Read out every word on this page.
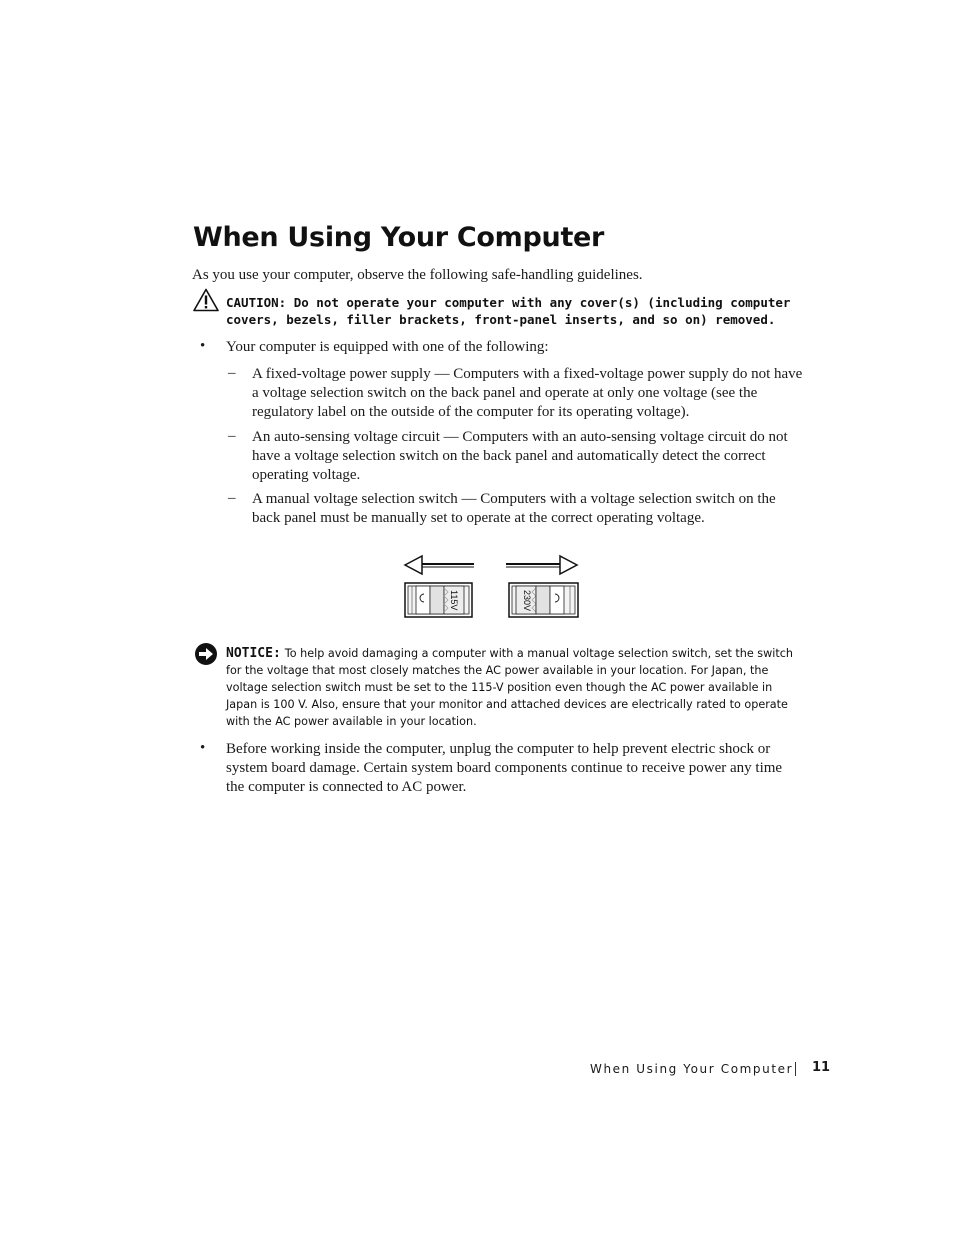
When Using Your Computer
As you use your computer, observe the following safe-handling guidelines.
CAUTION: Do not operate your computer with any cover(s) (including computer covers, bezels, filler brackets, front-panel inserts, and so on) removed.
• Your computer is equipped with one of the following:
– A fixed-voltage power supply — Computers with a fixed-voltage power supply do not have a voltage selection switch on the back panel and operate at only one voltage (see the regulatory label on the outside of the computer for its operating voltage).
– An auto-sensing voltage circuit — Computers with an auto-sensing voltage circuit do not have a voltage selection switch on the back panel and automatically detect the correct operating voltage.
– A manual voltage selection switch — Computers with a voltage selection switch on the back panel must be manually set to operate at the correct operating voltage.
115V	230V
NOTICE: To help avoid damaging a computer with a manual voltage selection switch, set the switch for the voltage that most closely matches the AC power available in your location. For Japan, the voltage selection switch must be set to the 115-V position even though the AC power available in Japan is 100 V. Also, ensure that your monitor and attached devices are electrically rated to operate with the AC power available in your location.
• Before working inside the computer, unplug the computer to help prevent electric shock or system board damage. Certain system board components continue to receive power any time the computer is connected to AC power.
When Using Your Computer 11
